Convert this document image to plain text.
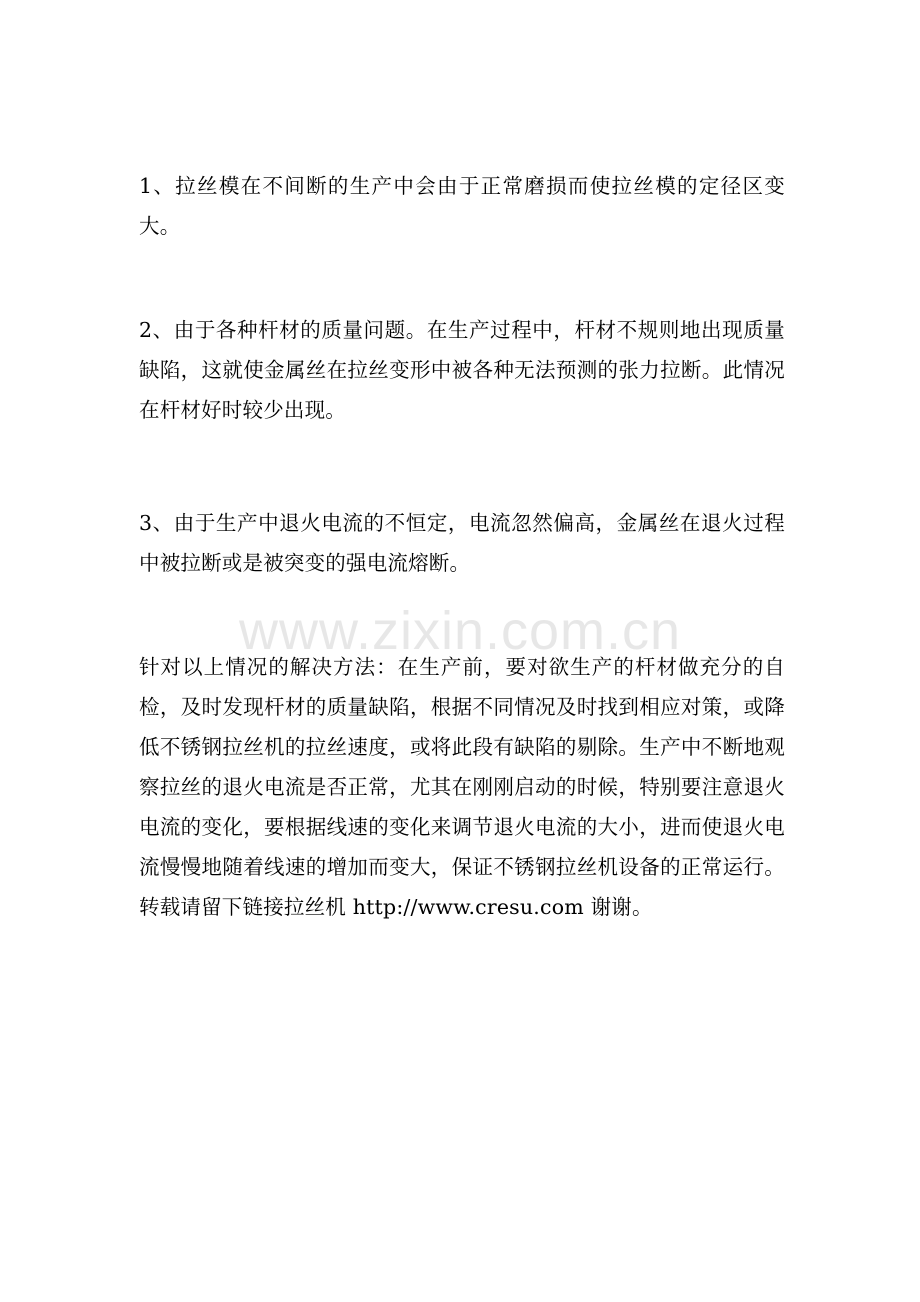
www.zixin.com.cn

1、拉丝模在不间断的生产中会由于正常磨损而使拉丝模的定径区变大。

2、由于各种杆材的质量问题。在生产过程中，杆材不规则地出现质量缺陷，这就使金属丝在拉丝变形中被各种无法预测的张力拉断。此情况在杆材好时较少出现。

3、由于生产中退火电流的不恒定，电流忽然偏高，金属丝在退火过程中被拉断或是被突变的强电流熔断。

针对以上情况的解决方法：在生产前，要对欲生产的杆材做充分的自检，及时发现杆材的质量缺陷，根据不同情况及时找到相应对策，或降低不锈钢拉丝机的拉丝速度，或将此段有缺陷的剔除。生产中不断地观察拉丝的退火电流是否正常，尤其在刚刚启动的时候，特别要注意退火电流的变化，要根据线速的变化来调节退火电流的大小，进而使退火电流慢慢地随着线速的增加而变大，保证不锈钢拉丝机设备的正常运行。转载请留下链接拉丝机 http://www.cresu.com 谢谢。
